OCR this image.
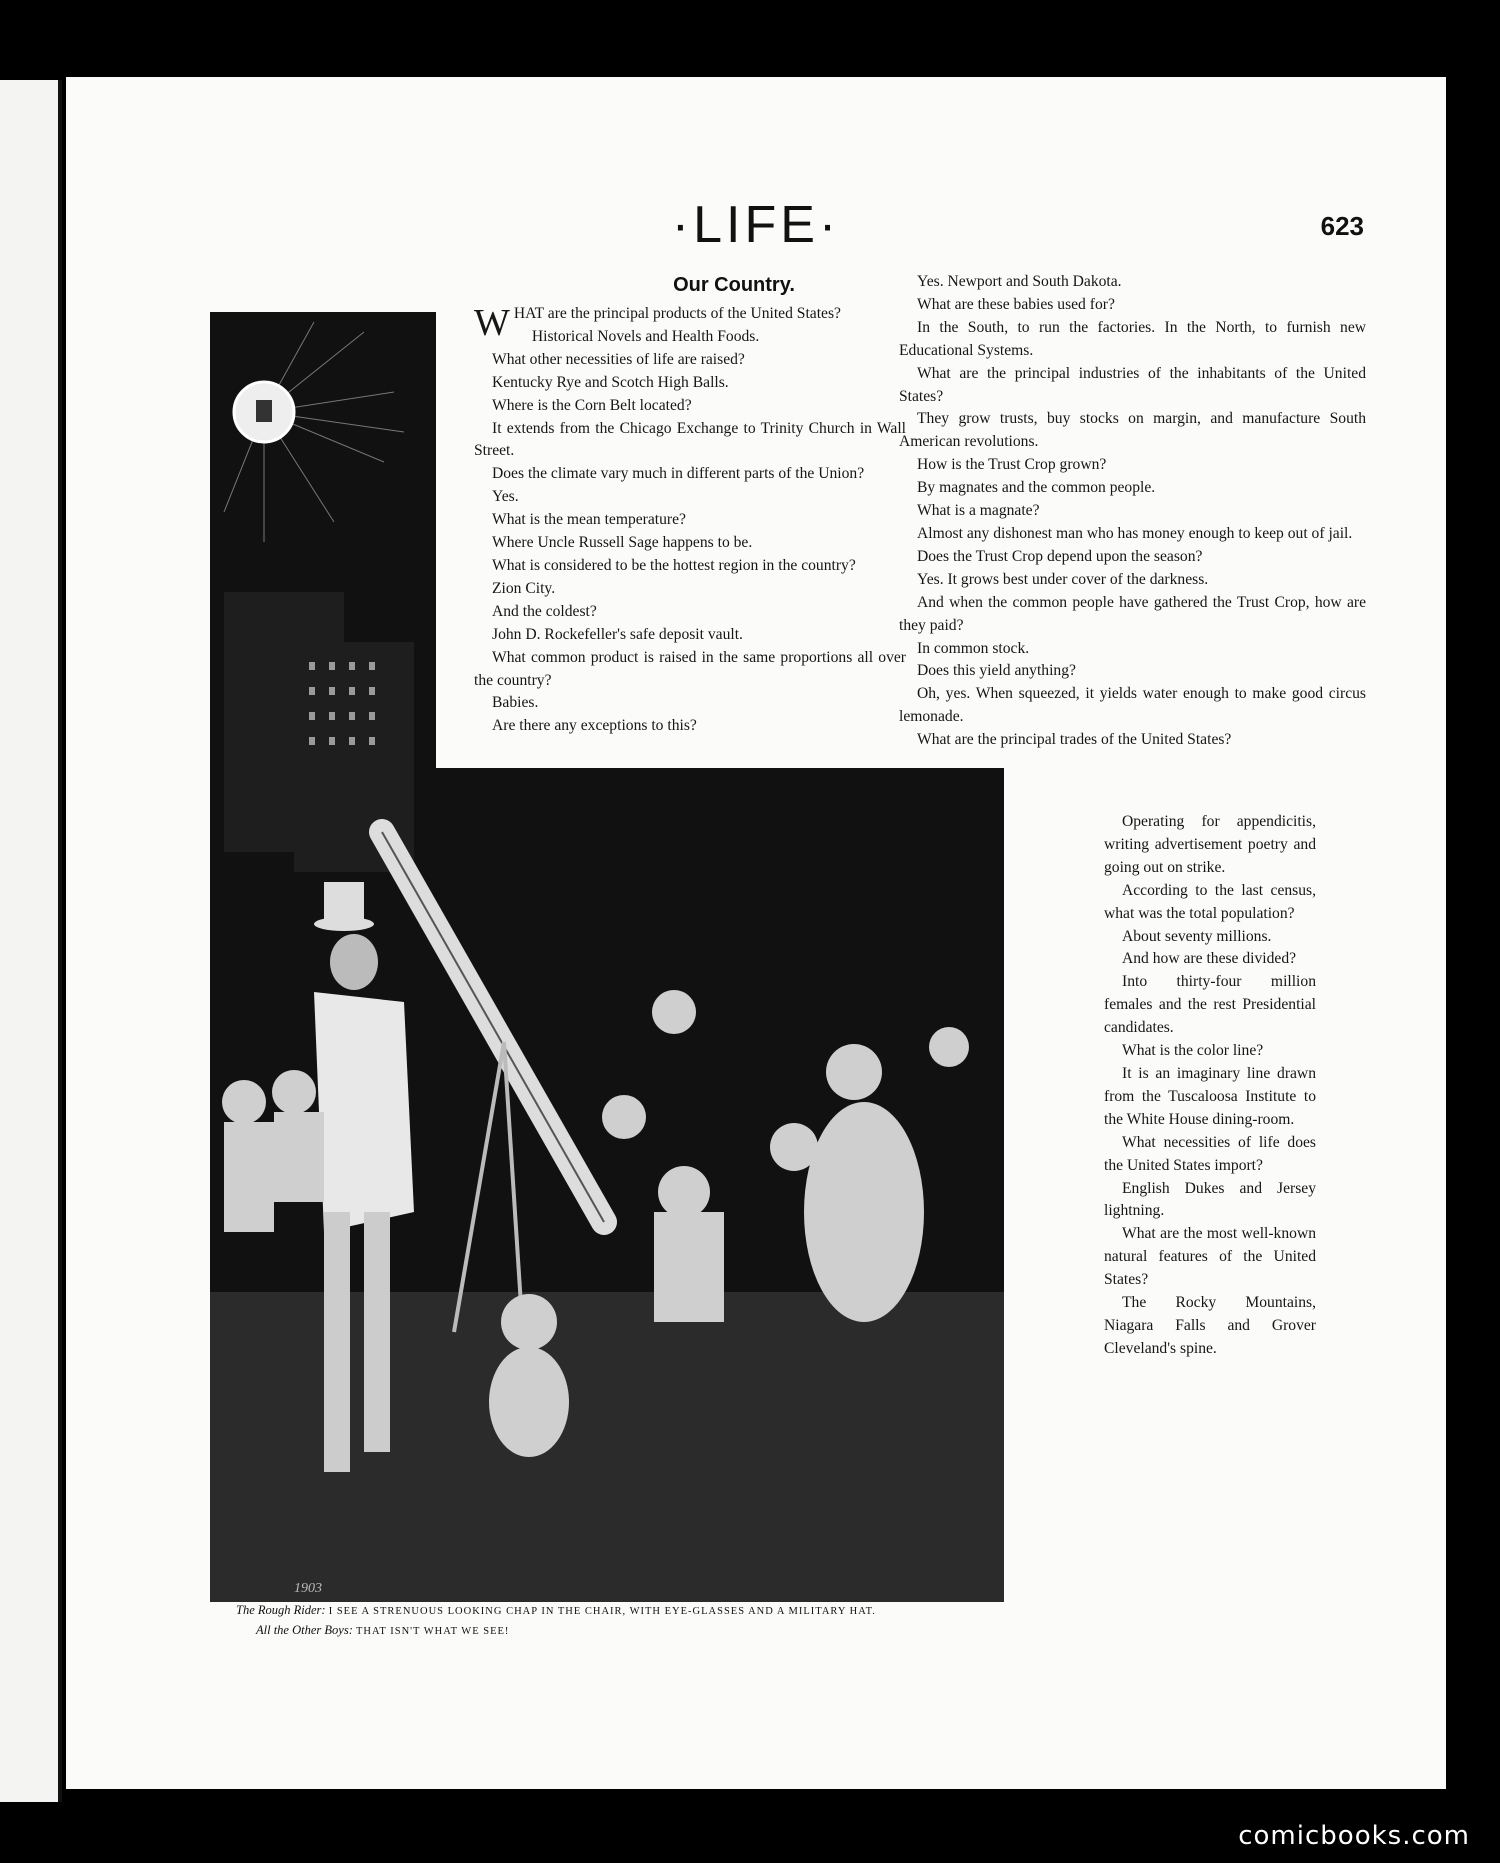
·LIFE·	623
1903
Our Country.

WHAT are the principal products of the United States?

Historical Novels and Health Foods.

What other necessities of life are raised?

Kentucky Rye and Scotch High Balls.

Where is the Corn Belt located?

It extends from the Chicago Exchange to Trinity Church in Wall Street.

Does the climate vary much in different parts of the Union?

Yes.

What is the mean temperature?

Where Uncle Russell Sage happens to be.

What is considered to be the hottest region in the country?

Zion City.

And the coldest?

John D. Rockefeller's safe deposit vault.

What common product is raised in the same proportions all over the country?

Babies.

Are there any exceptions to this?

Yes. Newport and South Dakota.

What are these babies used for?

In the South, to run the factories. In the North, to furnish new Educational Systems.

What are the principal industries of the inhabitants of the United States?

They grow trusts, buy stocks on margin, and manufacture South American revolutions.

How is the Trust Crop grown?

By magnates and the common people.

What is a magnate?

Almost any dishonest man who has money enough to keep out of jail.

Does the Trust Crop depend upon the season?

Yes. It grows best under cover of the darkness.

And when the common people have gathered the Trust Crop, how are they paid?

In common stock.

Does this yield anything?

Oh, yes. When squeezed, it yields water enough to make good circus lemonade.

What are the principal trades of the United States?

Operating for appendicitis, writing advertisement poetry and going out on strike.

According to the last census, what was the total population?

About seventy millions.

And how are these divided?

Into thirty-four million females and the rest Presidential candidates.

What is the color line?

It is an imaginary line drawn from the Tuscaloosa Institute to the White House dining-room.

What necessities of life does the United States import?

English Dukes and Jersey lightning.

What are the most well-known natural features of the United States?

The Rocky Mountains, Niagara Falls and Grover Cleveland's spine.

The Rough Rider: I SEE A STRENUOUS LOOKING CHAP IN THE CHAIR, WITH EYE-GLASSES AND A MILITARY HAT.
All the Other Boys: THAT ISN'T WHAT WE SEE!
comicbooks.com
